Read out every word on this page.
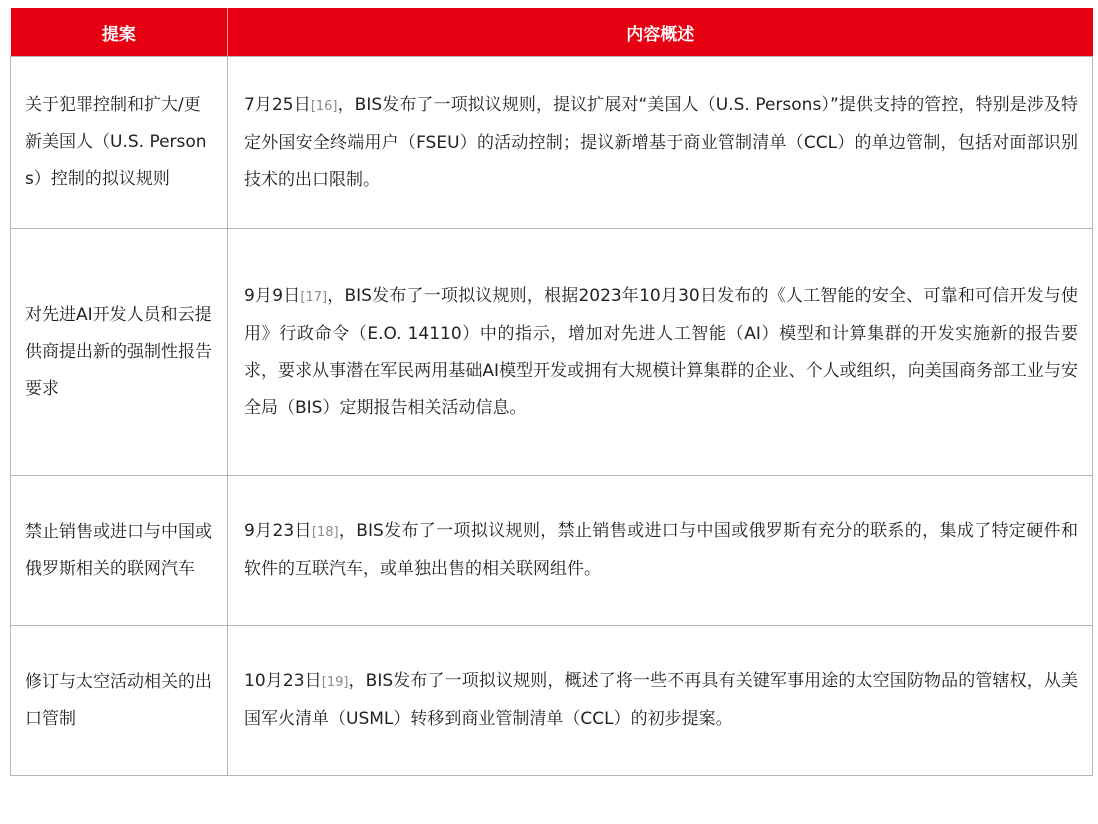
提案	内容概述
关于犯罪控制和扩大/更新美国人（U.S. Persons）控制的拟议规则	7月25日[16]，BIS发布了一项拟议规则，提议扩展对“美国人（U.S. Persons）”提供支持的管控，特别是涉及特定外国安全终端用户（FSEU）的活动控制；提议新增基于商业管制清单（CCL）的单边管制，包括对面部识别技术的出口限制。
对先进AI开发人员和云提供商提出新的强制性报告要求	9月9日[17]，BIS发布了一项拟议规则，根据2023年10月30日发布的《人工智能的安全、可靠和可信开发与使用》行政命令（E.O. 14110）中的指示，增加对先进人工智能（AI）模型和计算集群的开发实施新的报告要求，要求从事潜在军民两用基础AI模型开发或拥有大规模计算集群的企业、个人或组织，向美国商务部工业与安全局（BIS）定期报告相关活动信息。
禁止销售或进口与中国或俄罗斯相关的联网汽车	9月23日[18]，BIS发布了一项拟议规则，禁止销售或进口与中国或俄罗斯有充分的联系的，集成了特定硬件和软件的互联汽车，或单独出售的相关联网组件。
修订与太空活动相关的出口管制	10月23日[19]，BIS发布了一项拟议规则，概述了将一些不再具有关键军事用途的太空国防物品的管辖权，从美国军火清单（USML）转移到商业管制清单（CCL）的初步提案。
